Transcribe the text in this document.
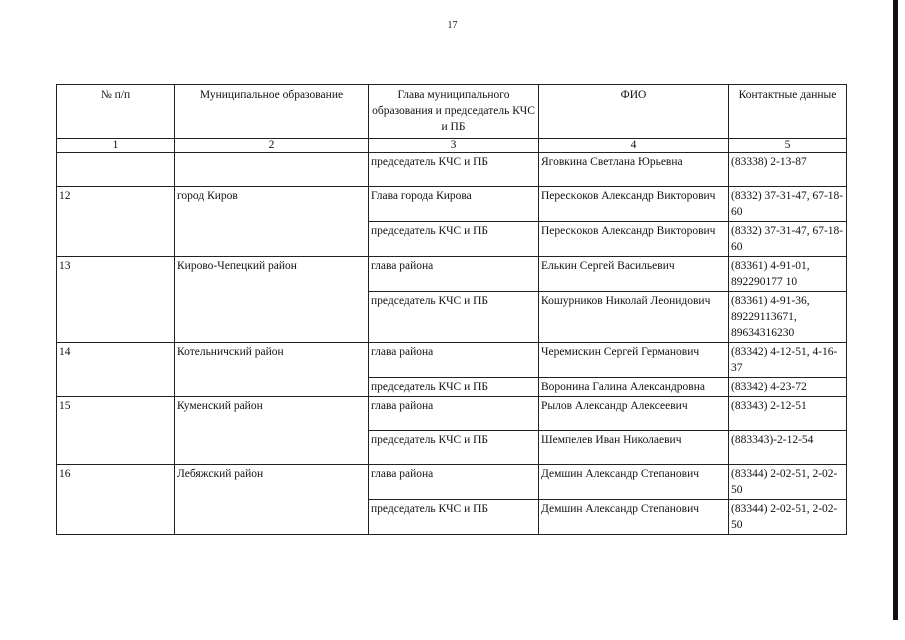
17
№ п/п	Муниципальное образование	Глава муниципального образования и председатель КЧС и ПБ	ФИО	Контактные данные
1	2	3	4	5
		председатель КЧС и ПБ	Яговкина Светлана Юрьевна	(83338) 2-13-87
12	город Киров	Глава города Кирова	Пересκоков Александр Викторович	(8332) 37-31-47, 67-18-60
		председатель КЧС и ПБ	Пересκоков Александр Викторович	(8332) 37-31-47, 67-18-60
13	Кирово-Чепецкий район	глава района	Елькин Сергей Васильевич	(83361) 4-91-01, 892290177 10
		председатель КЧС и ПБ	Кошурников Николай Леонидович	(83361) 4-91-36, 89229113671, 89634316230
14	Котельничский район	глава района	Черемискин Сергей Германович	(83342) 4-12-51, 4-16-37
		председатель КЧС и ПБ	Воронина Галина Александровна	(83342) 4-23-72
15	Куменский район	глава района	Рылов Александр Алексеевич	(83343) 2-12-51
		председатель КЧС и ПБ	Шемпелев Иван Николаевич	(883343)-2-12-54
16	Лебяжский район	глава района	Демшин Александр Степанович	(83344) 2-02-51, 2-02-50
		председатель КЧС и ПБ	Демшин Александр Степанович	(83344) 2-02-51, 2-02-50
